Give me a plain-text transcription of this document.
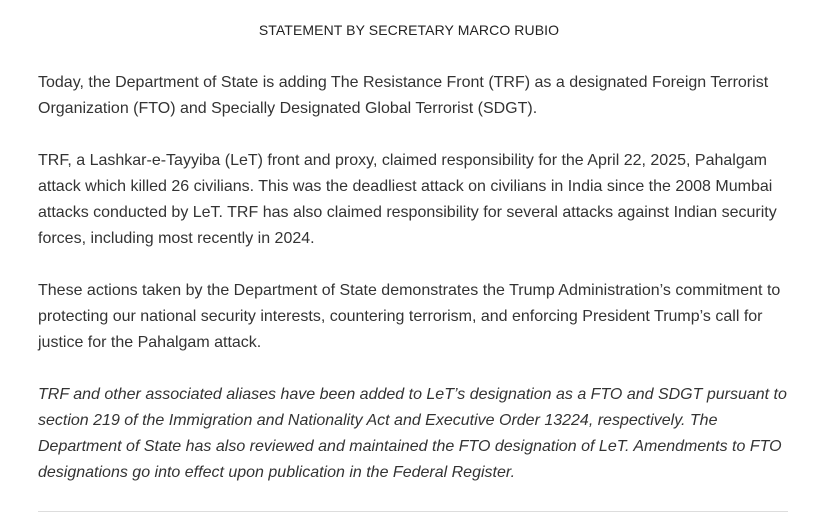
STATEMENT BY SECRETARY MARCO RUBIO

Today, the Department of State is adding The Resistance Front (TRF) as a designated Foreign Terrorist Organization (FTO) and Specially Designated Global Terrorist (SDGT).

TRF, a Lashkar-e-Tayyiba (LeT) front and proxy, claimed responsibility for the April 22, 2025, Pahalgam attack which killed 26 civilians. This was the deadliest attack on civilians in India since the 2008 Mumbai attacks conducted by LeT. TRF has also claimed responsibility for several attacks against Indian security forces, including most recently in 2024.

These actions taken by the Department of State demonstrates the Trump Administration’s commitment to protecting our national security interests, countering terrorism, and enforcing President Trump’s call for justice for the Pahalgam attack.

TRF and other associated aliases have been added to LeT’s designation as a FTO and SDGT pursuant to section 219 of the Immigration and Nationality Act and Executive Order 13224, respectively. The Department of State has also reviewed and maintained the FTO designation of LeT. Amendments to FTO designations go into effect upon publication in the Federal Register.
